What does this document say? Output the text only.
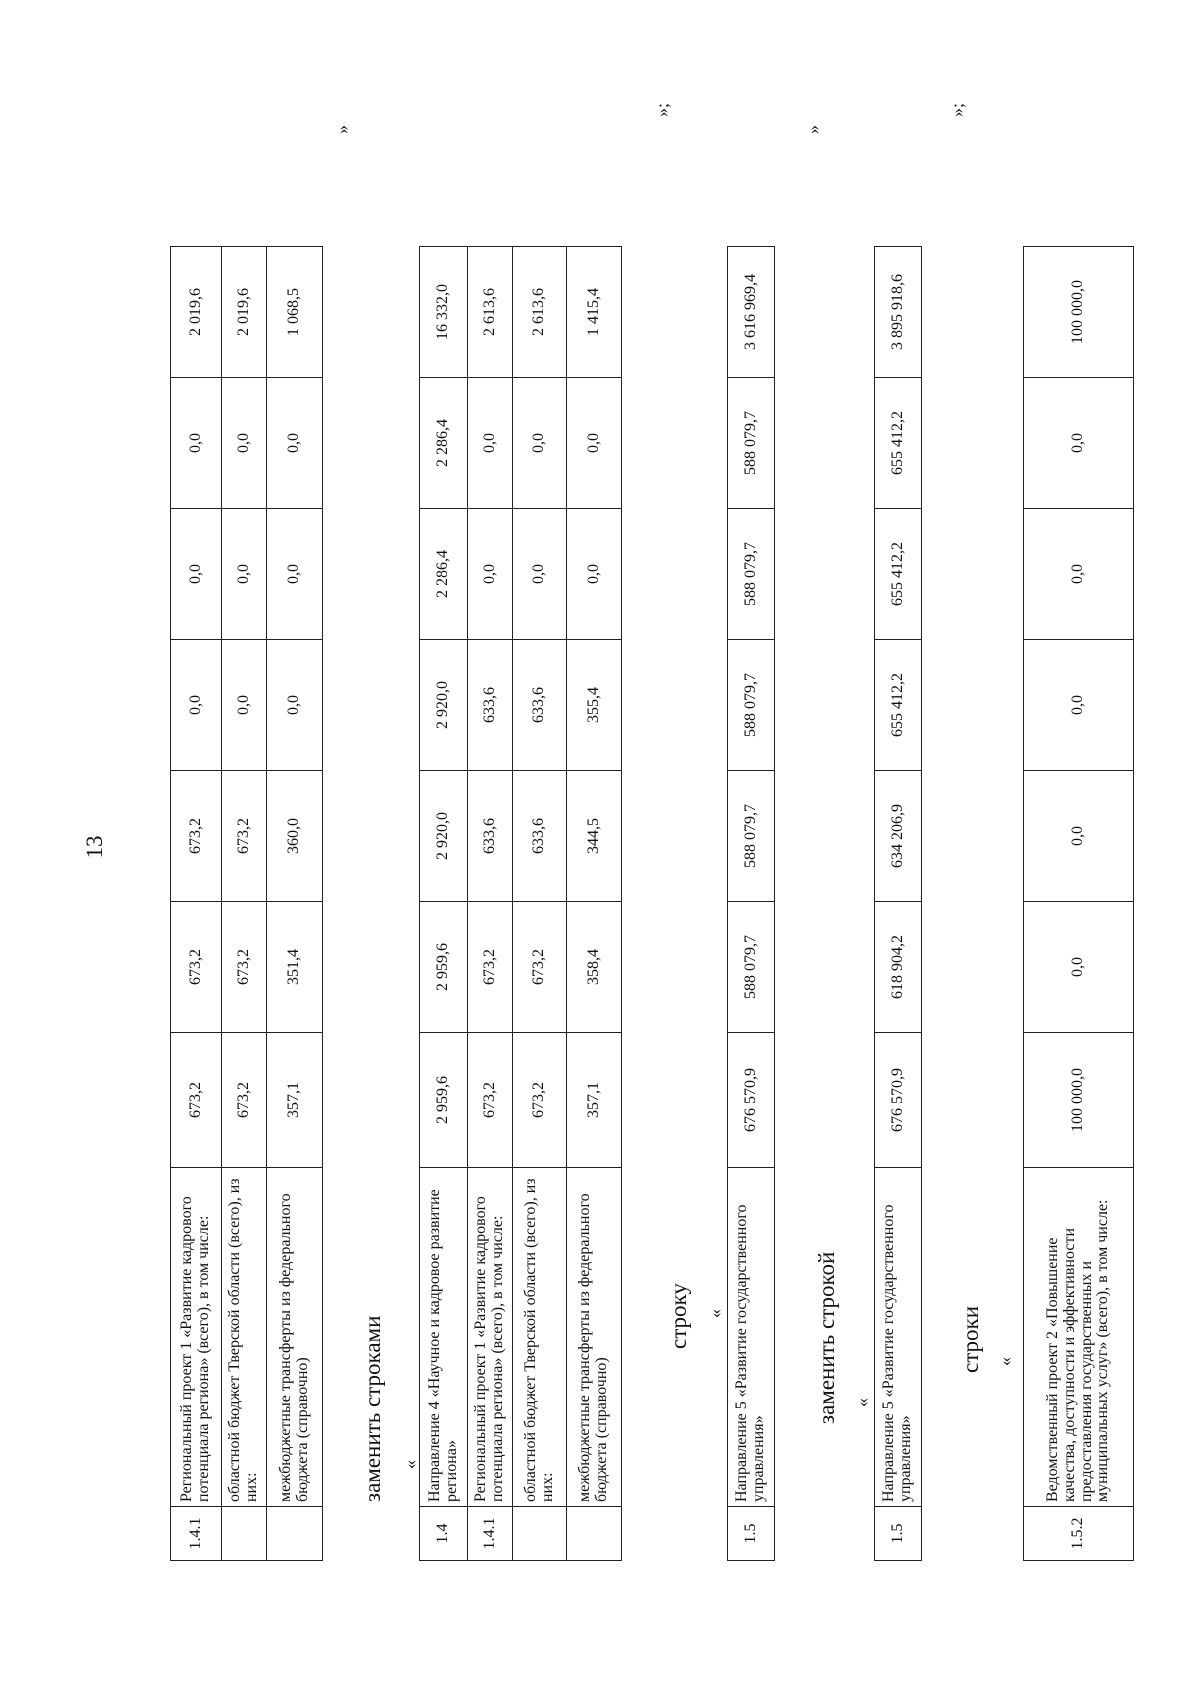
13
1.4.1	Региональный проект 1 «Развитие кадрового потенциала региона» (всего), в том числе:	673,2	673,2	673,2	0,0	0,0	0,0	2 019,6
	областной бюджет Тверской области (всего), из них:	673,2	673,2	673,2	0,0	0,0	0,0	2 019,6
	межбюджетные трансферты из федерального бюджета (справочно)	357,1	351,4	360,0	0,0	0,0	0,0	1 068,5
»
заменить строками «
1.4	Направление 4 «Научное и кадровое развитие региона»	2 959,6	2 959,6	2 920,0	2 920,0	2 286,4	2 286,4	16 332,0
1.4.1	Региональный проект 1 «Развитие кадрового потенциала региона» (всего), в том числе:	673,2	673,2	633,6	633,6	0,0	0,0	2 613,6
	областной бюджет Тверской области (всего), из них:	673,2	673,2	633,6	633,6	0,0	0,0	2 613,6
	межбюджетные трансферты из федерального бюджета (справочно)	357,1	358,4	344,5	355,4	0,0	0,0	1 415,4
»;
строку «
1.5	Направление 5 «Развитие государственного управления»	676 570,9	588 079,7	588 079,7	588 079,7	588 079,7	588 079,7	3 616 969,4
»
заменить строкой «
1.5	Направление 5 «Развитие государственного управления»	676 570,9	618 904,2	634 206,9	655 412,2	655 412,2	655 412,2	3 895 918,6
»;
строки «
1.5.2	Ведомственный проект 2 «Повышение качества, доступности и эффективности предоставления государственных и муниципальных услуг» (всего), в том числе:	100 000,0	0,0	0,0	0,0	0,0	0,0	100 000,0
